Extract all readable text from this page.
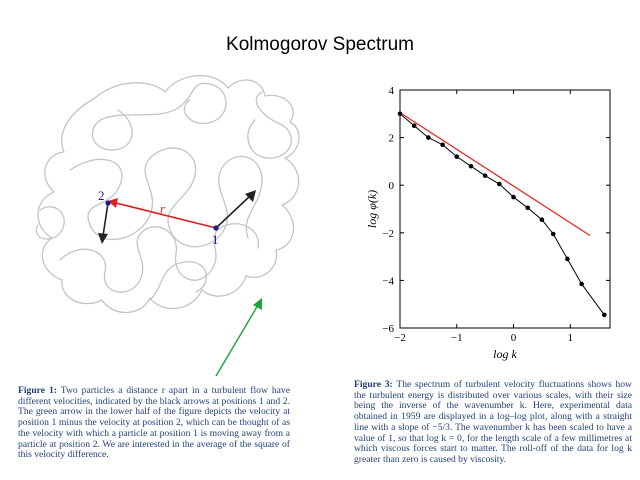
Kolmogorov Spectrum
r
2
1
−2	−1	0	1
4
2
0
−2
−4
−6
log k
log φ(k)
Figure 1: Two particles a distance r apart in a turbulent flow have different velocities, indicated by the black arrows at positions 1 and 2. The green arrow in the lower half of the figure depicts the velocity at position 1 minus the velocity at position 2, which can be thought of as the velocity with which a particle at position 1 is moving away from a particle at position 2. We are interested in the average of the square of this velocity difference.
Figure 3: The spectrum of turbulent velocity fluctuations shows how the turbulent energy is distributed over various scales, with their size being the inverse of the wavenumber k. Here, experimental data obtained in 1959 are displayed in a log–log plot, along with a straight line with a slope of −5/3. The wavenumber k has been scaled to have a value of 1, so that log k = 0, for the length scale of a few millimetres at which viscous forces start to matter. The roll-off of the data for log k greater than zero is caused by viscosity.
